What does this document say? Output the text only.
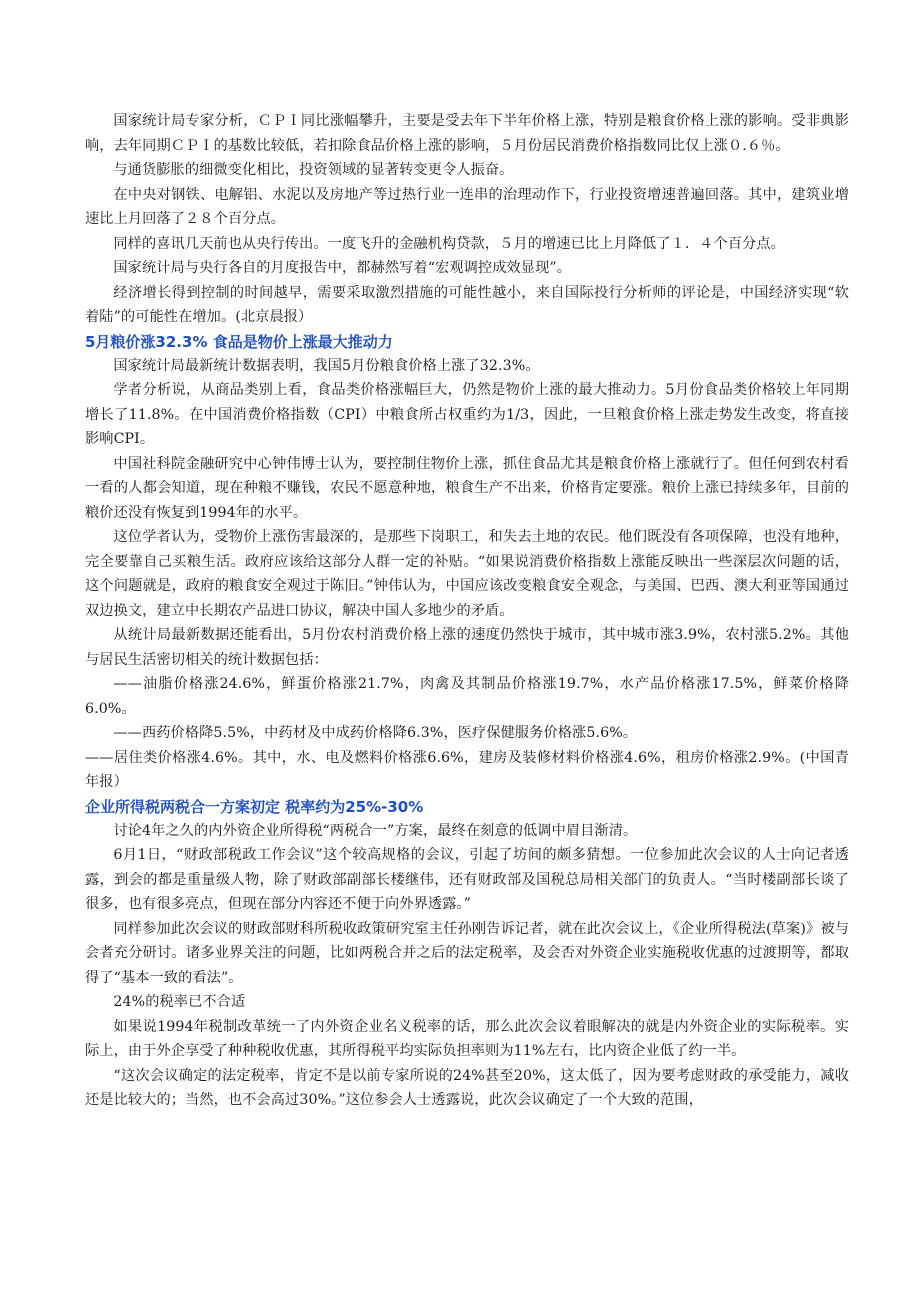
国家统计局专家分析，ＣＰＩ同比涨幅攀升，主要是受去年下半年价格上涨，特别是粮食价格上涨的影响。受非典影响，去年同期ＣＰＩ的基数比较低，若扣除食品价格上涨的影响，５月份居民消费价格指数同比仅上涨０.６％。

与通货膨胀的细微变化相比，投资领域的显著转变更令人振奋。

在中央对钢铁、电解铝、水泥以及房地产等过热行业一连串的治理动作下，行业投资增速普遍回落。其中，建筑业增速比上月回落了２８个百分点。

同样的喜讯几天前也从央行传出。一度飞升的金融机构贷款，５月的增速已比上月降低了１．４个百分点。

国家统计局与央行各自的月度报告中，都赫然写着“宏观调控成效显现”。

经济增长得到控制的时间越早，需要采取激烈措施的可能性越小，来自国际投行分析师的评论是，中国经济实现“软着陆”的可能性在增加。(北京晨报）

5月粮价涨32.3% 食品是物价上涨最大推动力

国家统计局最新统计数据表明，我国5月份粮食价格上涨了32.3%。

学者分析说，从商品类别上看，食品类价格涨幅巨大，仍然是物价上涨的最大推动力。5月份食品类价格较上年同期增长了11.8%。在中国消费价格指数（CPI）中粮食所占权重约为1/3，因此，一旦粮食价格上涨走势发生改变，将直接影响CPI。

中国社科院金融研究中心钟伟博士认为，要控制住物价上涨，抓住食品尤其是粮食价格上涨就行了。但任何到农村看一看的人都会知道，现在种粮不赚钱，农民不愿意种地，粮食生产不出来，价格肯定要涨。粮价上涨已持续多年，目前的粮价还没有恢复到1994年的水平。

这位学者认为，受物价上涨伤害最深的，是那些下岗职工，和失去土地的农民。他们既没有各项保障，也没有地种，完全要靠自己买粮生活。政府应该给这部分人群一定的补贴。“如果说消费价格指数上涨能反映出一些深层次问题的话，这个问题就是，政府的粮食安全观过于陈旧。”钟伟认为，中国应该改变粮食安全观念，与美国、巴西、澳大利亚等国通过双边换文，建立中长期农产品进口协议，解决中国人多地少的矛盾。

从统计局最新数据还能看出，5月份农村消费价格上涨的速度仍然快于城市，其中城市涨3.9%，农村涨5.2%。其他与居民生活密切相关的统计数据包括：

——油脂价格涨24.6%，鲜蛋价格涨21.7%，肉禽及其制品价格涨19.7%，水产品价格涨17.5%，鲜菜价格降6.0%。

——西药价格降5.5%，中药材及中成药价格降6.3%，医疗保健服务价格涨5.6%。

——居住类价格涨4.6%。其中，水、电及燃料价格涨6.6%，建房及装修材料价格涨4.6%，租房价格涨2.9%。(中国青年报）

企业所得税两税合一方案初定 税率约为25%-30%

讨论4年之久的内外资企业所得税“两税合一”方案，最终在刻意的低调中眉目渐清。

6月1日，“财政部税政工作会议”这个较高规格的会议，引起了坊间的颇多猜想。一位参加此次会议的人士向记者透露，到会的都是重量级人物，除了财政部副部长楼继伟，还有财政部及国税总局相关部门的负责人。“当时楼副部长谈了很多，也有很多亮点，但现在部分内容还不便于向外界透露。”

同样参加此次会议的财政部财科所税收政策研究室主任孙刚告诉记者，就在此次会议上，《企业所得税法(草案)》被与会者充分研讨。诸多业界关注的问题，比如两税合并之后的法定税率，及会否对外资企业实施税收优惠的过渡期等，都取得了“基本一致的看法”。

24%的税率已不合适

如果说1994年税制改革统一了内外资企业名义税率的话，那么此次会议着眼解决的就是内外资企业的实际税率。实际上，由于外企享受了种种税收优惠，其所得税平均实际负担率则为11%左右，比内资企业低了约一半。

“这次会议确定的法定税率，肯定不是以前专家所说的24%甚至20%，这太低了，因为要考虑财政的承受能力，减收还是比较大的；当然，也不会高过30%。”这位参会人士透露说，此次会议确定了一个大致的范围，
